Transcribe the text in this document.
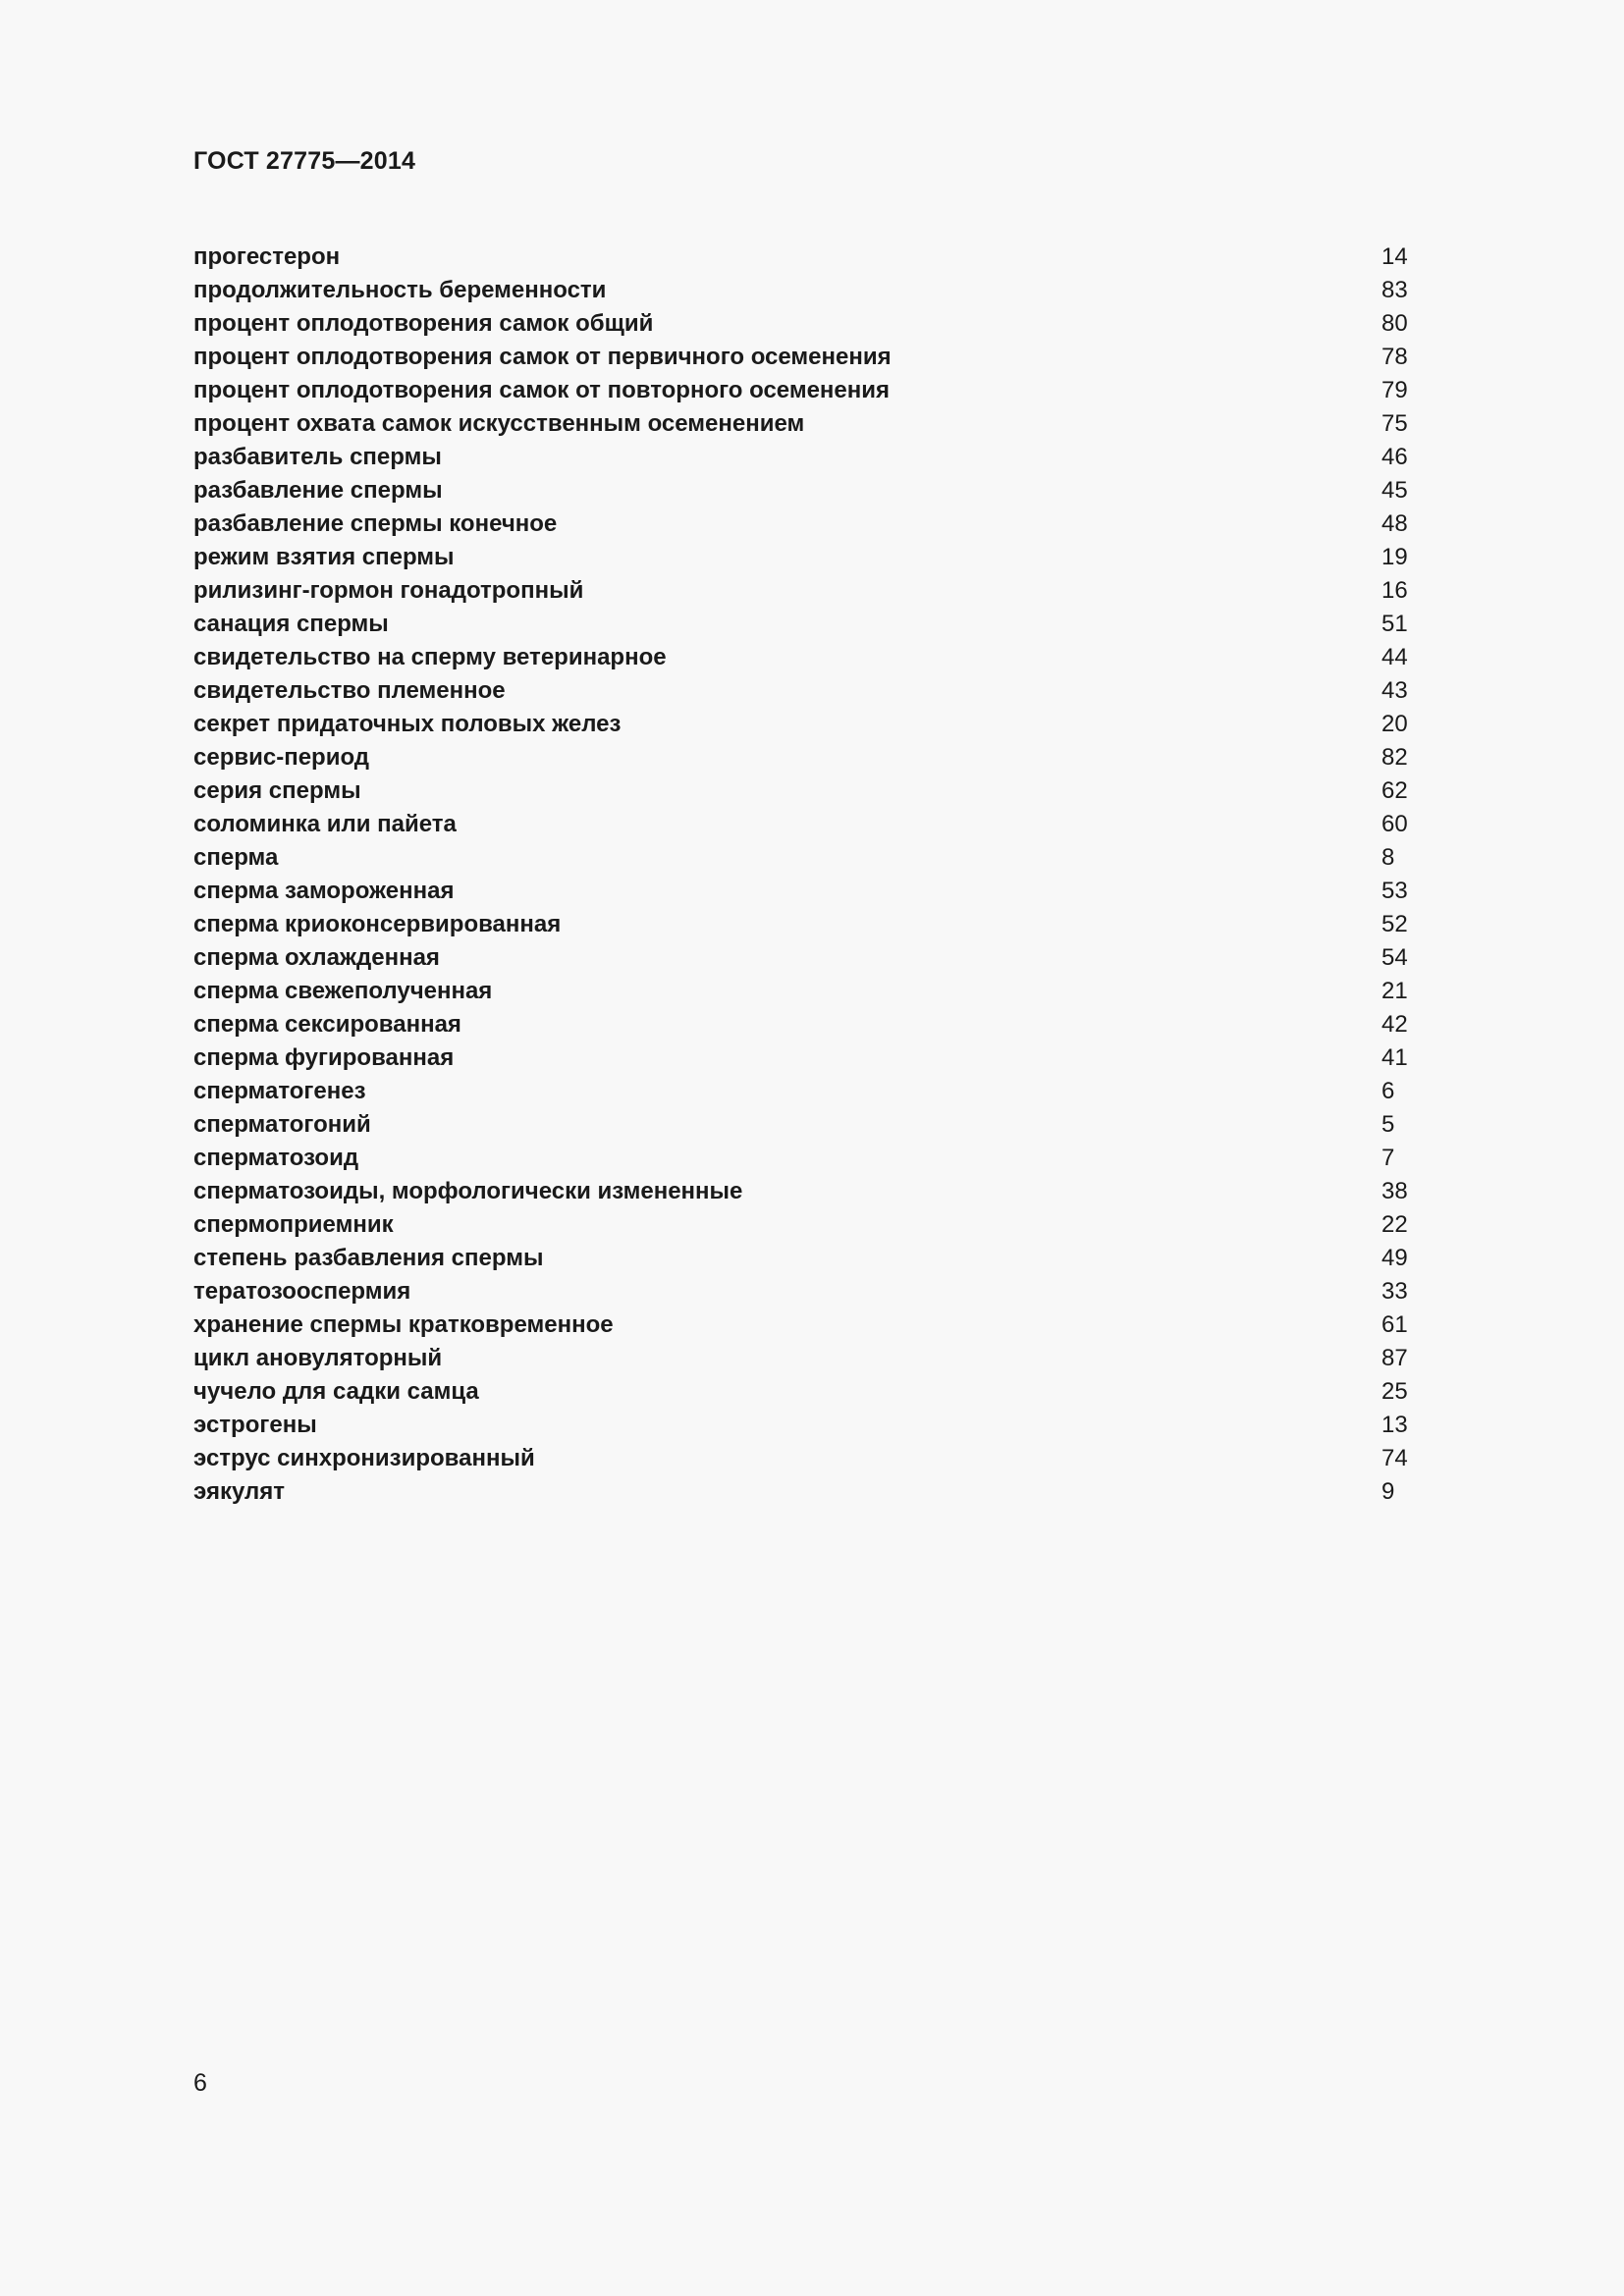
ГОСТ 27775—2014
прогестерон	14
продолжительность беременности	83
процент оплодотворения самок общий	80
процент оплодотворения самок от первичного осеменения	78
процент оплодотворения самок от повторного осеменения	79
процент охвата самок искусственным осеменением	75
разбавитель спермы	46
разбавление спермы	45
разбавление спермы конечное	48
режим взятия спермы	19
рилизинг-гормон гонадотропный	16
санация спермы	51
свидетельство на сперму ветеринарное	44
свидетельство племенное	43
секрет придаточных половых желез	20
сервис-период	82
серия спермы	62
соломинка или пайета	60
сперма	8
сперма замороженная	53
сперма криоконсервированная	52
сперма охлажденная	54
сперма свежеполученная	21
сперма сексированная	42
сперма фугированная	41
сперматогенез	6
сперматогоний	5
сперматозоид	7
сперматозоиды, морфологически измененные	38
спермоприемник	22
степень разбавления спермы	49
тератозооспермия	33
хранение спермы кратковременное	61
цикл ановуляторный	87
чучело для садки самца	25
эстрогены	13
эструс синхронизированный	74
эякулят	9
6
